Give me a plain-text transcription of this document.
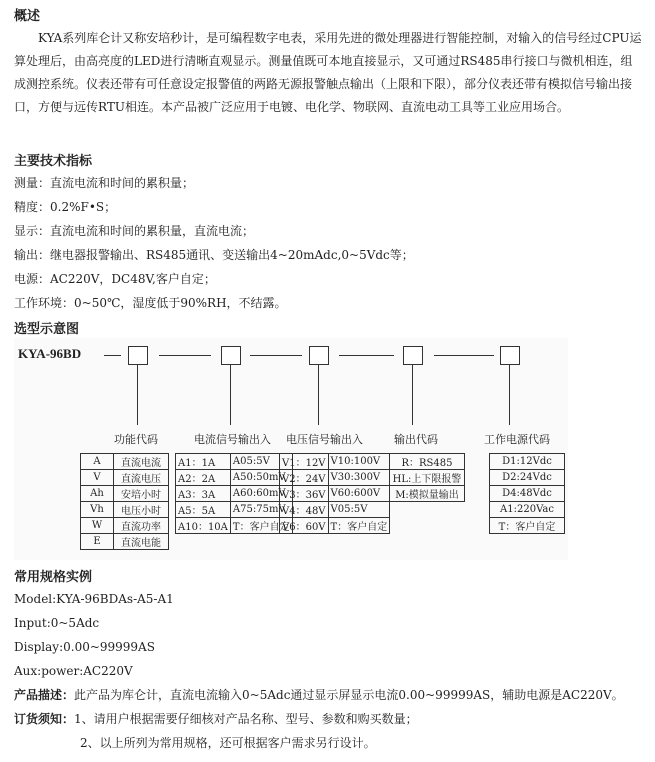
概述

KYA系列库仑计又称安培秒计，是可编程数字电表，采用先进的微处理器进行智能控制，对输入的信号经过CPU运算处理后，由高亮度的LED进行清晰直观显示。测量值既可本地直接显示，又可通过RS485串行接口与微机相连，组成测控系统。仪表还带有可任意设定报警值的两路无源报警触点输出（上限和下限），部分仪表还带有模拟信号输出接口，方便与远传RTU相连。本产品被广泛应用于电镀、电化学、物联网、直流电动工具等工业应用场合。

主要技术指标
测量：直流电流和时间的累积量；
精度：0.2%F•S；
显示：直流电流和时间的累积量，直流电流；
输出：继电器报警输出、RS485通讯、变送输出4~20mAdc,0~5Vdc等；
电源：AC220V，DC48V,客户自定；
工作环境：0~50℃，湿度低于90%RH，不结露。
选型示意图
KYA-96BD
功能代码	电流信号输出入 电压信号输出入	输出代码	工作电源代码
A	直流电流
V	直流电压
Ah	安培小时
Vh	电压小时
W	直流功率
E	直流电能
A1：1A	A05:5V
A2：2A	A50:50mV
A3：3A	A60:60mV
A5：5A	A75:75mV
A10：10A	T：客户自定
V1：12V	V10:100V
V2：24V	V30:300V
V3：36V	V60:600V
V4：48V	V05:5V
V6：60V	T：客户自定
R：RS485
HL:上下限报警
M:模拟量输出
D1:12Vdc
D2:24Vdc
D4:48Vdc
A1:220Vac
T：客户自定
常用规格实例
Model:KYA-96BDAs-A5-A1
Input:0~5Adc
Display:0.00~99999AS
Aux:power:AC220V
产品描述：此产品为库仑计，直流电流输入0~5Adc通过显示屏显示电流0.00~99999AS，辅助电源是AC220V。
订货须知：1、请用户根据需要仔细核对产品名称、型号、参数和购买数量；
2、以上所列为常用规格，还可根据客户需求另行设计。
